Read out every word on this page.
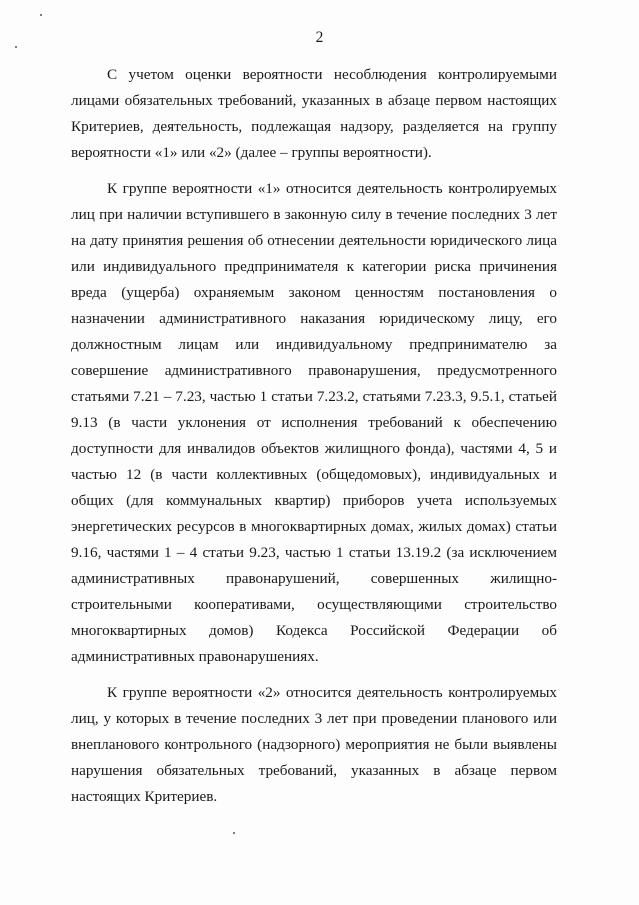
2

С учетом оценки вероятности несоблюдения контролируемыми лицами обязательных требований, указанных в абзаце первом настоящих Критериев, деятельность, подлежащая надзору, разделяется на группу вероятности «1» или «2» (далее – группы вероятности).

К группе вероятности «1» относится деятельность контролируемых лиц при наличии вступившего в законную силу в течение последних 3 лет на дату принятия решения об отнесении деятельности юридического лица или индивидуального предпринимателя к категории риска причинения вреда (ущерба) охраняемым законом ценностям постановления о назначении административного наказания юридическому лицу, его должностным лицам или индивидуальному предпринимателю за совершение административного правонарушения, предусмотренного статьями 7.21 – 7.23, частью 1 статьи 7.23.2, статьями 7.23.3, 9.5.1, статьей 9.13 (в части уклонения от исполнения требований к обеспечению доступности для инвалидов объектов жилищного фонда), частями 4, 5 и частью 12 (в части коллективных (общедомовых), индивидуальных и общих (для коммунальных квартир) приборов учета используемых энергетических ресурсов в многоквартирных домах, жилых домах) статьи 9.16, частями 1 – 4 статьи 9.23, частью 1 статьи 13.19.2 (за исключением административных правонарушений, совершенных жилищно-строительными кооперативами, осуществляющими строительство многоквартирных домов) Кодекса Российской Федерации об административных правонарушениях.

К группе вероятности «2» относится деятельность контролируемых лиц, у которых в течение последних 3 лет при проведении планового или внепланового контрольного (надзорного) мероприятия не были выявлены нарушения обязательных требований, указанных в абзаце первом настоящих Критериев.
